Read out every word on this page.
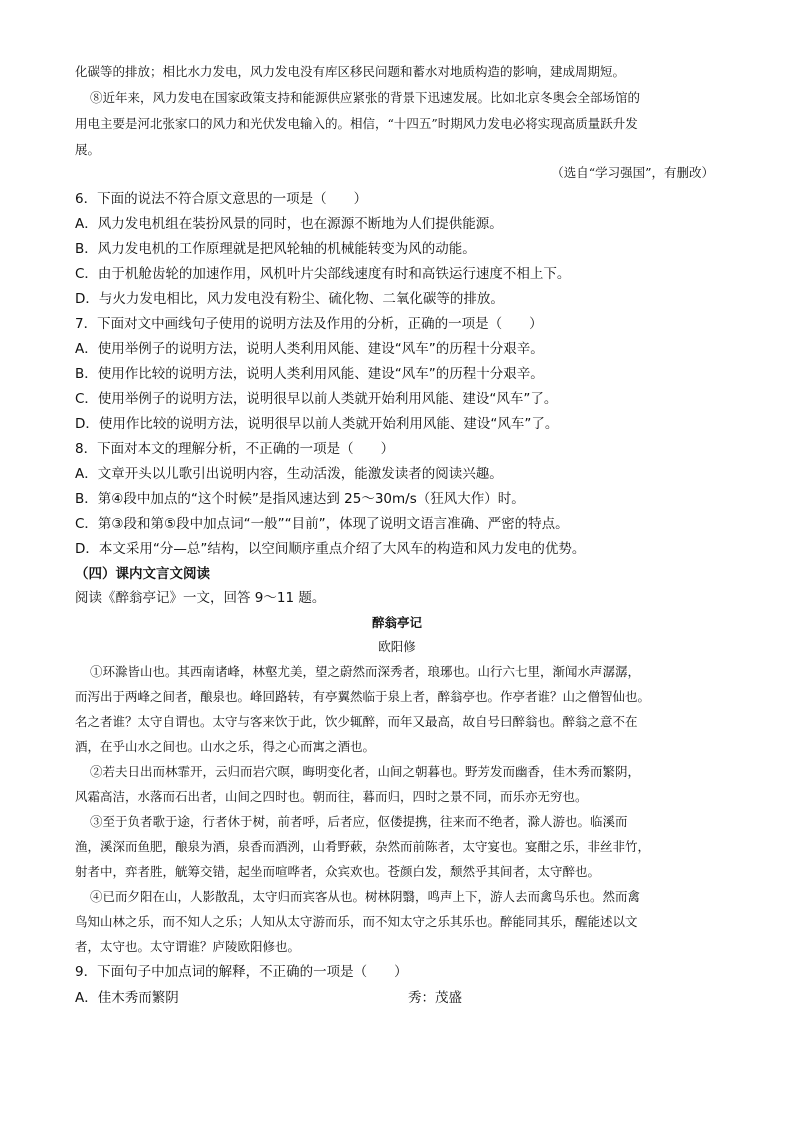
化碳等的排放；相比水力发电，风力发电没有库区移民问题和蓄水对地质构造的影响，建成周期短。
⑧近年来，风力发电在国家政策支持和能源供应紧张的背景下迅速发展。比如北京冬奥会全部场馆的
用电主要是河北张家口的风力和光伏发电输入的。相信，“十四五”时期风力发电必将实现高质量跃升发
展。
（选自“学习强国”，有删改）
6．下面的说法不符合原文意思的一项是（　　）
A．风力发电机组在装扮风景的同时，也在源源不断地为人们提供能源。
B．风力发电机的工作原理就是把风轮轴的机械能转变为风的动能。
C．由于机舱齿轮的加速作用，风机叶片尖部线速度有时和高铁运行速度不相上下。
D．与火力发电相比，风力发电没有粉尘、硫化物、二氧化碳等的排放。
7．下面对文中画线句子使用的说明方法及作用的分析，正确的一项是（　　）
A．使用举例子的说明方法，说明人类利用风能、建设“风车”的历程十分艰辛。
B．使用作比较的说明方法，说明人类利用风能、建设“风车”的历程十分艰辛。
C．使用举例子的说明方法，说明很早以前人类就开始利用风能、建设“风车”了。
D．使用作比较的说明方法，说明很早以前人类就开始利用风能、建设“风车”了。
8．下面对本文的理解分析，不正确的一项是（　　）
A．文章开头以儿歌引出说明内容，生动活泼，能激发读者的阅读兴趣。
B．第④段中加点的“这个时候”是指风速达到 25～30m/s（狂风大作）时。
C．第③段和第⑤段中加点词“一般”“目前”，体现了说明文语言准确、严密的特点。
D．本文采用“分—总”结构，以空间顺序重点介绍了大风车的构造和风力发电的优势。
（四）课内文言文阅读
阅读《醉翁亭记》一文，回答 9～11 题。
醉翁亭记
欧阳修
①环滁皆山也。其西南诸峰，林壑尤美，望之蔚然而深秀者，琅琊也。山行六七里，渐闻水声潺潺，
而泻出于两峰之间者，酿泉也。峰回路转，有亭翼然临于泉上者，醉翁亭也。作亭者谁？山之僧智仙也。
名之者谁？太守自谓也。太守与客来饮于此，饮少辄醉，而年又最高，故自号曰醉翁也。醉翁之意不在
酒，在乎山水之间也。山水之乐，得之心而寓之酒也。
②若夫日出而林霏开，云归而岩穴暝，晦明变化者，山间之朝暮也。野芳发而幽香，佳木秀而繁阴，
风霜高洁，水落而石出者，山间之四时也。朝而往，暮而归，四时之景不同，而乐亦无穷也。
③至于负者歌于途，行者休于树，前者呼，后者应，伛偻提携，往来而不绝者，滁人游也。临溪而
渔，溪深而鱼肥，酿泉为酒，泉香而酒洌，山肴野蔌，杂然而前陈者，太守宴也。宴酣之乐，非丝非竹，
射者中，弈者胜，觥筹交错，起坐而喧哗者，众宾欢也。苍颜白发，颓然乎其间者，太守醉也。
④已而夕阳在山，人影散乱，太守归而宾客从也。树林阴翳，鸣声上下，游人去而禽鸟乐也。然而禽
鸟知山林之乐，而不知人之乐；人知从太守游而乐，而不知太守之乐其乐也。醉能同其乐，醒能述以文
者，太守也。太守谓谁？庐陵欧阳修也。
9．下面句子中加点词的解释，不正确的一项是（　　）
A．佳木秀而繁阴	秀：茂盛
